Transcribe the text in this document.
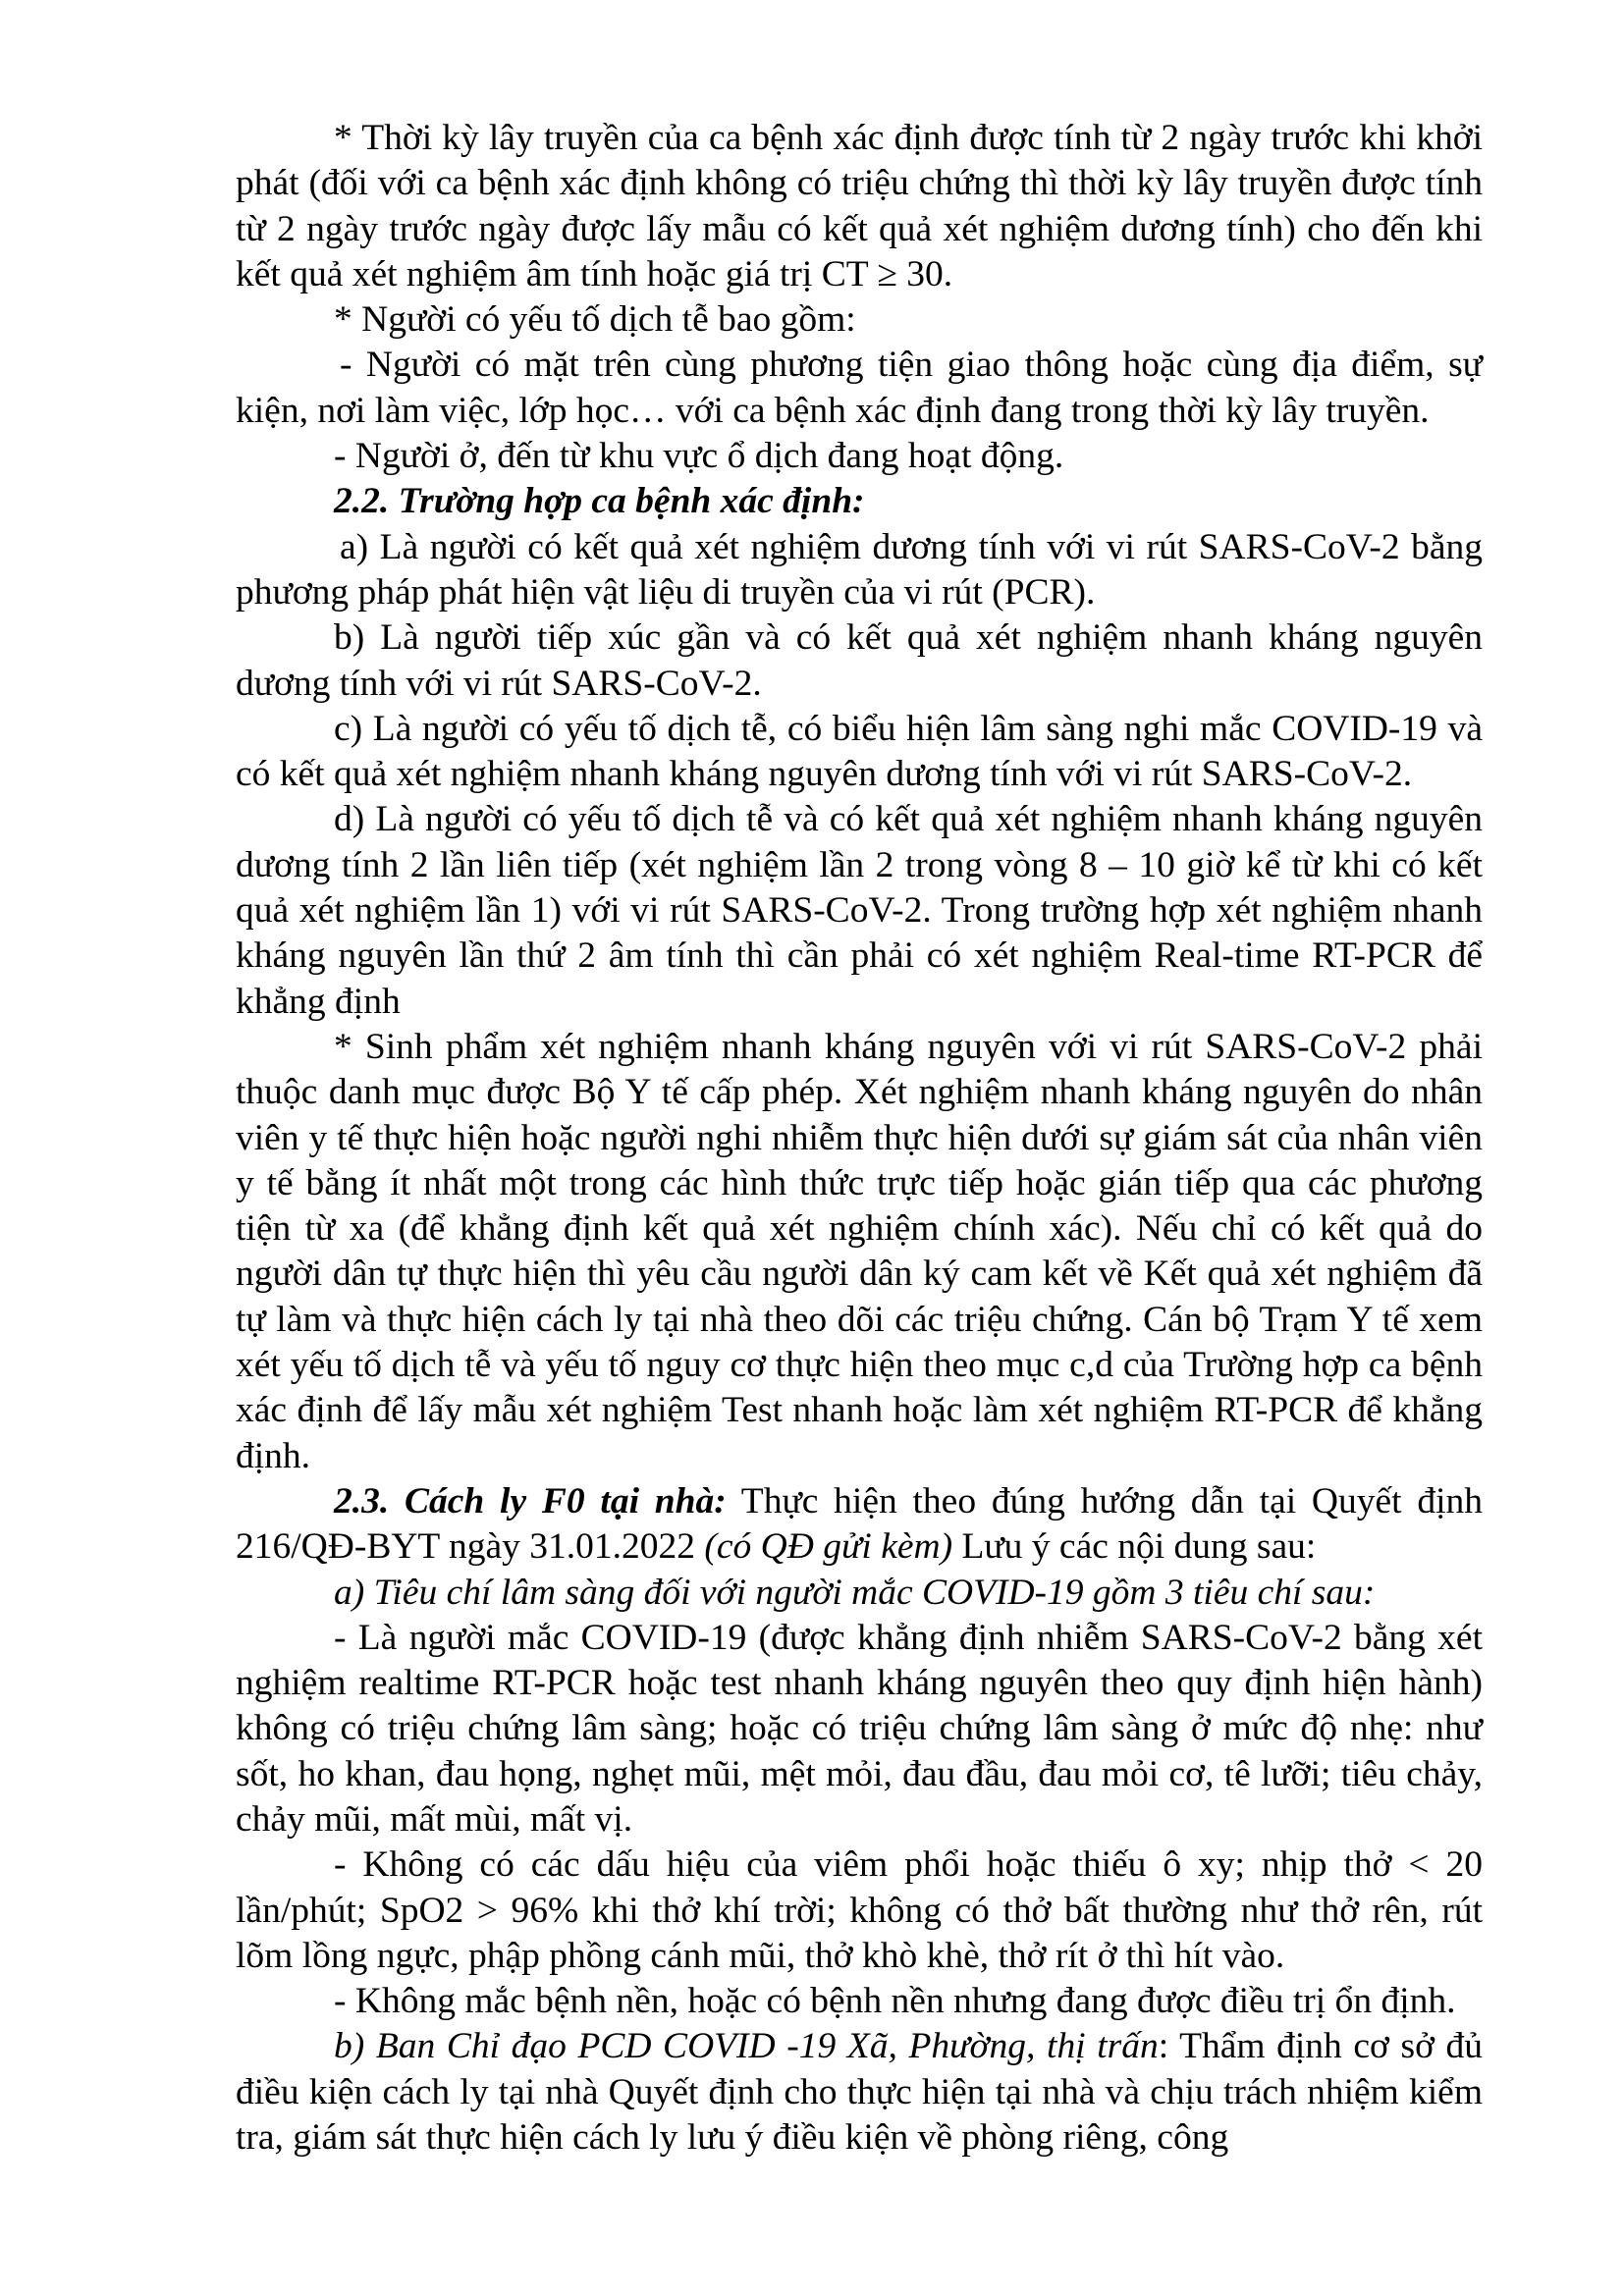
* Thời kỳ lây truyền của ca bệnh xác định được tính từ 2 ngày trước khi khởi phát (đối với ca bệnh xác định không có triệu chứng thì thời kỳ lây truyền được tính từ 2 ngày trước ngày được lấy mẫu có kết quả xét nghiệm dương tính) cho đến khi kết quả xét nghiệm âm tính hoặc giá trị CT ≥ 30.

* Người có yếu tố dịch tễ bao gồm:

- Người có mặt trên cùng phương tiện giao thông hoặc cùng địa điểm, sự kiện, nơi làm việc, lớp học… với ca bệnh xác định đang trong thời kỳ lây truyền.

- Người ở, đến từ khu vực ổ dịch đang hoạt động.

2.2. Trường hợp ca bệnh xác định:

a) Là người có kết quả xét nghiệm dương tính với vi rút SARS-CoV-2 bằng phương pháp phát hiện vật liệu di truyền của vi rút (PCR).

b) Là người tiếp xúc gần và có kết quả xét nghiệm nhanh kháng nguyên dương tính với vi rút SARS-CoV-2.

c) Là người có yếu tố dịch tễ, có biểu hiện lâm sàng nghi mắc COVID-19 và có kết quả xét nghiệm nhanh kháng nguyên dương tính với vi rút SARS-CoV-2.

d) Là người có yếu tố dịch tễ và có kết quả xét nghiệm nhanh kháng nguyên dương tính 2 lần liên tiếp (xét nghiệm lần 2 trong vòng 8 – 10 giờ kể từ khi có kết quả xét nghiệm lần 1) với vi rút SARS-CoV-2. Trong trường hợp xét nghiệm nhanh kháng nguyên lần thứ 2 âm tính thì cần phải có xét nghiệm Real-time RT-PCR để khẳng định

* Sinh phẩm xét nghiệm nhanh kháng nguyên với vi rút SARS-CoV-2 phải thuộc danh mục được Bộ Y tế cấp phép. Xét nghiệm nhanh kháng nguyên do nhân viên y tế thực hiện hoặc người nghi nhiễm thực hiện dưới sự giám sát của nhân viên y tế bằng ít nhất một trong các hình thức trực tiếp hoặc gián tiếp qua các phương tiện từ xa (để khẳng định kết quả xét nghiệm chính xác). Nếu chỉ có kết quả do người dân tự thực hiện thì yêu cầu người dân ký cam kết về Kết quả xét nghiệm đã tự làm và thực hiện cách ly tại nhà theo dõi các triệu chứng. Cán bộ Trạm Y tế xem xét yếu tố dịch tễ và yếu tố nguy cơ thực hiện theo mục c,d của Trường hợp ca bệnh xác định để lấy mẫu xét nghiệm Test nhanh hoặc làm xét nghiệm RT-PCR để khẳng định.

2.3. Cách ly F0 tại nhà: Thực hiện theo đúng hướng dẫn tại Quyết định 216/QĐ-BYT ngày 31.01.2022 (có QĐ gửi kèm) Lưu ý các nội dung sau:

a) Tiêu chí lâm sàng đối với người mắc COVID-19 gồm 3 tiêu chí sau:

- Là người mắc COVID-19 (được khẳng định nhiễm SARS-CoV-2 bằng xét nghiệm realtime RT-PCR hoặc test nhanh kháng nguyên theo quy định hiện hành) không có triệu chứng lâm sàng; hoặc có triệu chứng lâm sàng ở mức độ nhẹ: như sốt, ho khan, đau họng, nghẹt mũi, mệt mỏi, đau đầu, đau mỏi cơ, tê lưỡi; tiêu chảy, chảy mũi, mất mùi, mất vị.

- Không có các dấu hiệu của viêm phổi hoặc thiếu ô xy; nhịp thở < 20 lần/phút; SpO2 > 96% khi thở khí trời; không có thở bất thường như thở rên, rút lõm lồng ngực, phập phồng cánh mũi, thở khò khè, thở rít ở thì hít vào.

- Không mắc bệnh nền, hoặc có bệnh nền nhưng đang được điều trị ổn định.

b) Ban Chỉ đạo PCD COVID -19 Xã, Phường, thị trấn: Thẩm định cơ sở đủ điều kiện cách ly tại nhà Quyết định cho thực hiện tại nhà và chịu trách nhiệm kiểm tra, giám sát thực hiện cách ly lưu ý điều kiện về phòng riêng, công
